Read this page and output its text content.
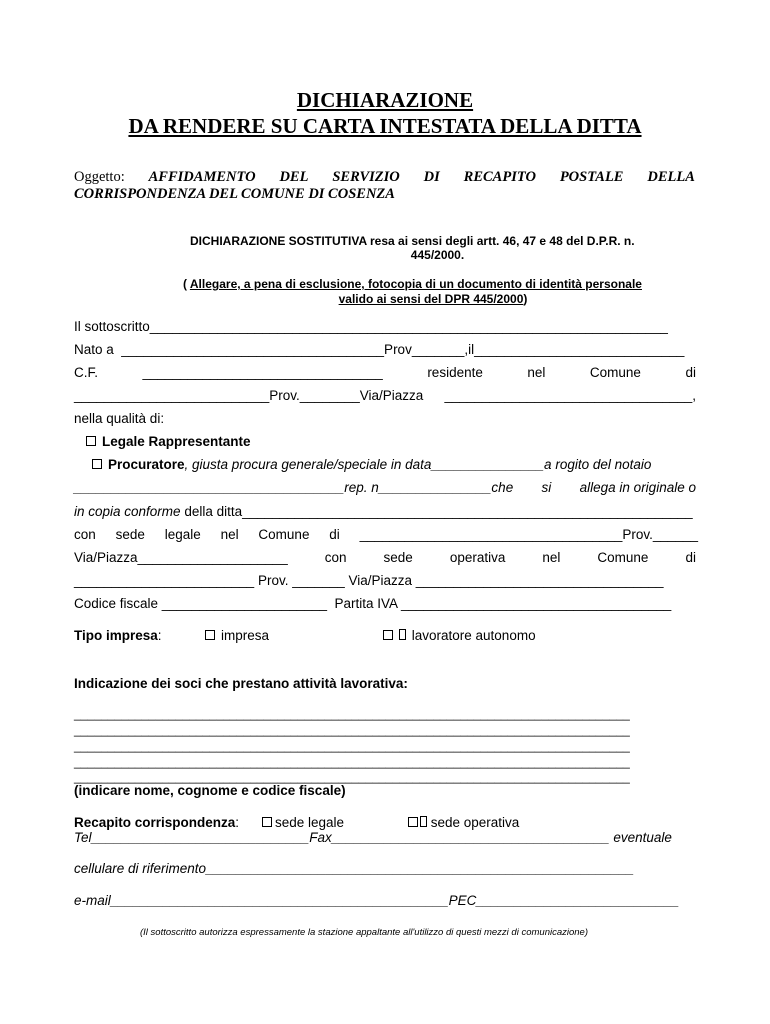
DICHIARAZIONE
DA RENDERE SU CARTA INTESTATA DELLA DITTA
Oggetto: AFFIDAMENTO DEL SERVIZIO DI RECAPITO POSTALE DELLA
CORRISPONDENZA DEL COMUNE DI COSENZA
DICHIARAZIONE SOSTITUTIVA resa ai sensi degli artt. 46, 47 e 48 del D.P.R. n.
445/2000.
( Allegare, a pena di esclusione, fotocopia di un documento di identità personale
valido ai sensi del DPR 445/2000)
Il sottoscritto_____________________________________________________________________
Nato a  ___________________________________Prov_______,il____________________________
C.F.	________________________________	residente	nel	Comune	di
__________________________Prov.________Via/Piazza _________________________________,
nella qualità di:
Legale Rappresentante
Procuratore, giusta procura generale/speciale in data_______________a rogito del notaio
____________________________________rep. n_______________che si allega in originale o
in copia conforme della ditta____________________________________________________________
con sede legale nel Comune di ___________________________________Prov.______
Via/Piazza____________________	con	sede	operativa	nel	Comune	di
________________________ Prov. _______ Via/Piazza _________________________________
Codice fiscale ______________________  Partita IVA ____________________________________
Tipo impresa:	impresa	lavoratore autonomo
Indicazione dei soci che prestano attività lavorativa:
__________________________________________________________________________________
__________________________________________________________________________________
__________________________________________________________________________________
__________________________________________________________________________________
__________________________________________________________________________________
(indicare nome, cognome e codice fiscale)
Recapito corrispondenza:	sede legale	sede operativa
Tel_____________________________Fax_____________________________________ eventuale
cellulare di riferimento_________________________________________________________
e-mail_____________________________________________PEC___________________________
(Il sottoscritto autorizza espressamente la stazione appaltante all'utilizzo di questi mezzi di comunicazione)
